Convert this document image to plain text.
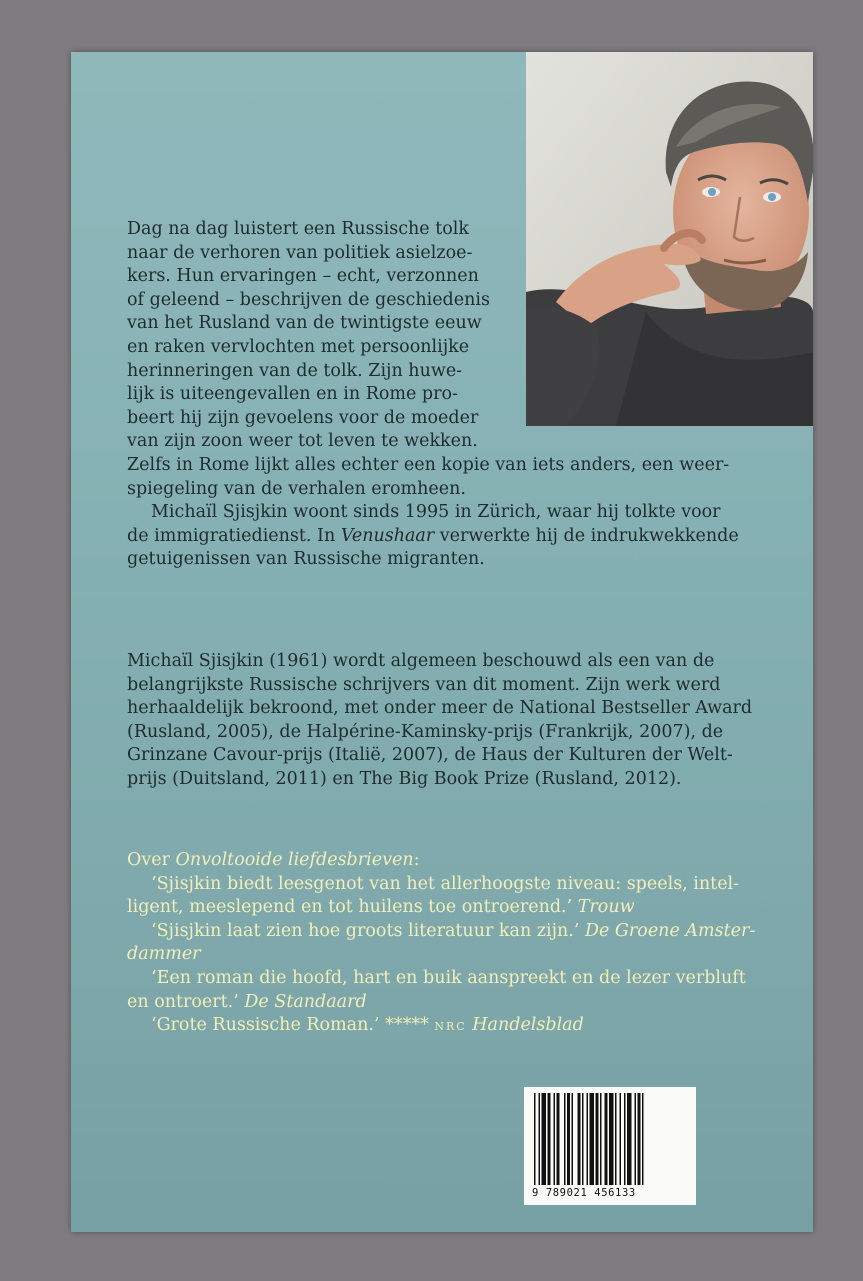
Dag na dag luistert een Russische tolk
naar de verhoren van politiek asielzoe-
kers. Hun ervaringen – echt, verzonnen
of geleend – beschrijven de geschiedenis
van het Rusland van de twintigste eeuw
en raken vervlochten met persoonlijke
herinneringen van de tolk. Zijn huwe-
lijk is uiteengevallen en in Rome pro-
beert hij zijn gevoelens voor de moeder
van zijn zoon weer tot leven te wekken.
Zelfs in Rome lijkt alles echter een kopie van iets anders, een weer-
spiegeling van de verhalen eromheen.

Michaïl Sjisjkin woont sinds 1995 in Zürich, waar hij tolkte voor
de immigratiedienst. In Venushaar verwerkte hij de indrukwekkende
getuigenissen van Russische migranten.

Michaïl Sjisjkin (1961) wordt algemeen beschouwd als een van de
belangrijkste Russische schrijvers van dit moment. Zijn werk werd
herhaaldelijk bekroond, met onder meer de National Bestseller Award
(Rusland, 2005), de Halpérine-Kaminsky-prijs (Frankrijk, 2007), de
Grinzane Cavour-prijs (Italië, 2007), de Haus der Kulturen der Welt-
prijs (Duitsland, 2011) en The Big Book Prize (Rusland, 2012).

Over Onvoltooide liefdesbrieven:

‘Sjisjkin biedt leesgenot van het allerhoogste niveau: speels, intel-
ligent, meeslepend en tot huilens toe ontroerend.’ Trouw

‘Sjisjkin laat zien hoe groots literatuur kan zijn.’ De Groene Amster-
dammer

‘Een roman die hoofd, hart en buik aanspreekt en de lezer verbluft
en ontroert.’ De Standaard

‘Grote Russische Roman.’ ***** NRC Handelsblad

9 789021 456133
